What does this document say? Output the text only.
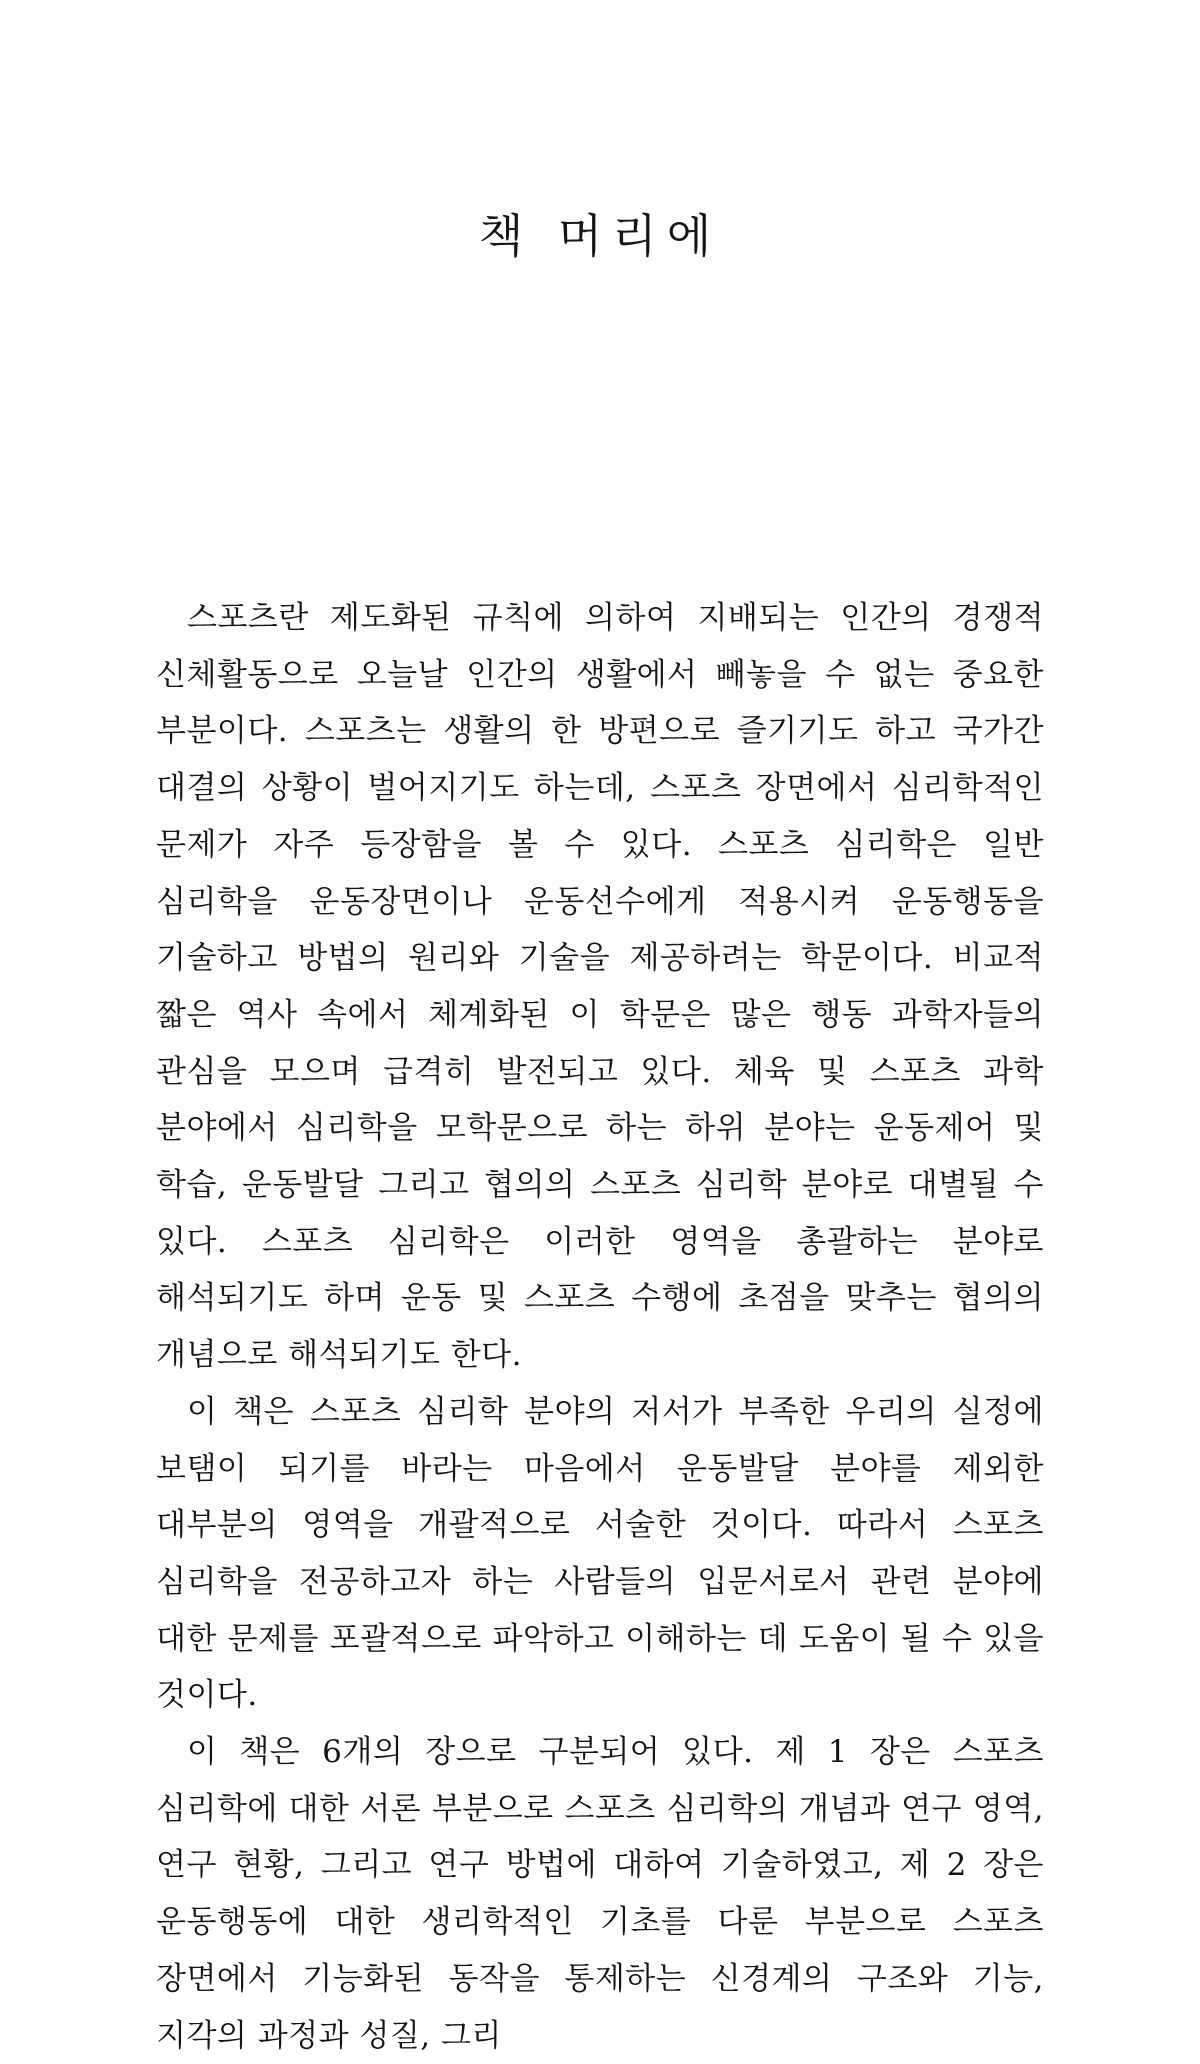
책 머리에

스포츠란 제도화된 규칙에 의하여 지배되는 인간의 경쟁적 신체활동으로 오늘날 인간의 생활에서 빼놓을 수 없는 중요한 부분이다. 스포츠는 생활의 한 방편으로 즐기기도 하고 국가간 대결의 상황이 벌어지기도 하는데, 스포츠 장면에서 심리학적인 문제가 자주 등장함을 볼 수 있다. 스포츠 심리학은 일반 심리학을 운동장면이나 운동선수에게 적용시켜 운동행동을 기술하고 방법의 원리와 기술을 제공하려는 학문이다. 비교적 짧은 역사 속에서 체계화된 이 학문은 많은 행동 과학자들의 관심을 모으며 급격히 발전되고 있다. 체육 및 스포츠 과학 분야에서 심리학을 모학문으로 하는 하위 분야는 운동제어 및 학습, 운동발달 그리고 협의의 스포츠 심리학 분야로 대별될 수 있다. 스포츠 심리학은 이러한 영역을 총괄하는 분야로 해석되기도 하며 운동 및 스포츠 수행에 초점을 맞추는 협의의 개념으로 해석되기도 한다.

이 책은 스포츠 심리학 분야의 저서가 부족한 우리의 실정에 보탬이 되기를 바라는 마음에서 운동발달 분야를 제외한 대부분의 영역을 개괄적으로 서술한 것이다. 따라서 스포츠 심리학을 전공하고자 하는 사람들의 입문서로서 관련 분야에 대한 문제를 포괄적으로 파악하고 이해하는 데 도움이 될 수 있을 것이다.

이 책은 6개의 장으로 구분되어 있다. 제 1 장은 스포츠 심리학에 대한 서론 부분으로 스포츠 심리학의 개념과 연구 영역, 연구 현황, 그리고 연구 방법에 대하여 기술하였고, 제 2 장은 운동행동에 대한 생리학적인 기초를 다룬 부분으로 스포츠 장면에서 기능화된 동작을 통제하는 신경계의 구조와 기능, 지각의 과정과 성질, 그리
